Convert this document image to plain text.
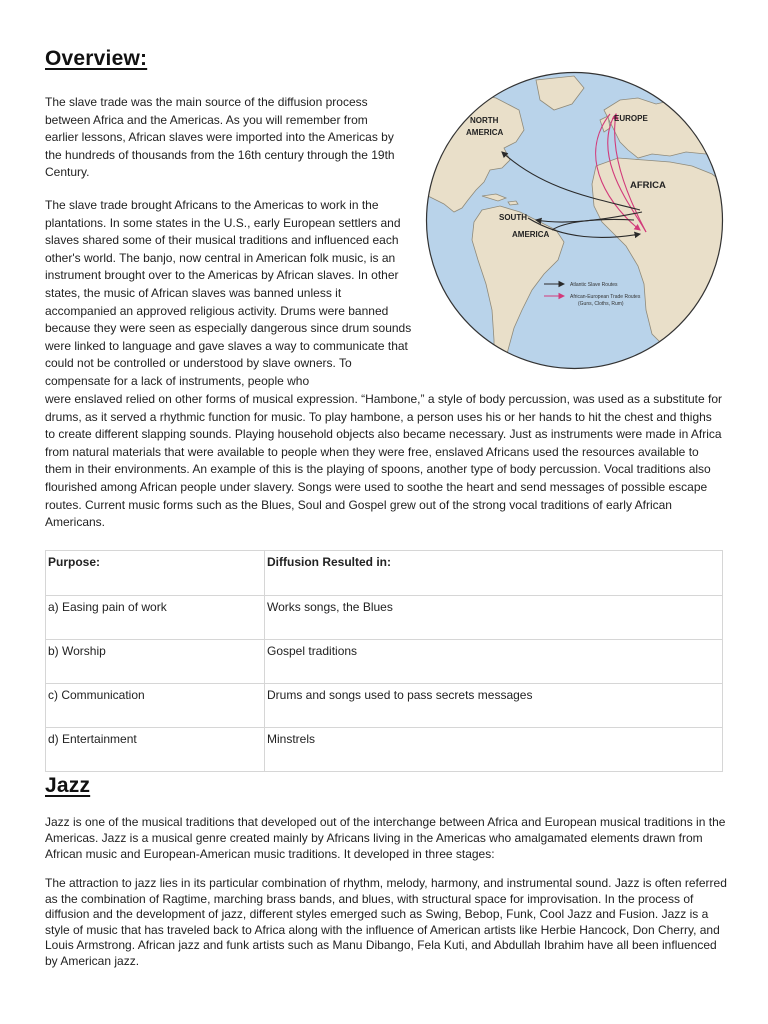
Overview:

The slave trade was the main source of the diffusion process between Africa and the Americas. As you will remember from earlier lessons, African slaves were imported into the Americas by the hundreds of thousands from the 16th century through the 19th Century.

The slave trade brought Africans to the Americas to work in the plantations. In some states in the U.S., early European settlers and slaves shared some of their musical traditions and influenced each other's world. The banjo, now central in American folk music, is an instrument brought over to the Americas by African slaves. In other states, the music of African slaves was banned unless it accompanied an approved religious activity. Drums were banned because they were seen as especially dangerous since drum sounds were linked to language and gave slaves a way to communicate that could not be controlled or understood by slave owners. To compensate for a lack of instruments, people who

were enslaved relied on other forms of musical expression. “Hambone,” a style of body percussion, was used as a substitute for drums, as it served a rhythmic function for music. To play hambone, a person uses his or her hands to hit the chest and thighs to create different slapping sounds. Playing household objects also became necessary. Just as instruments were made in Africa from natural materials that were available to people when they were free, enslaved Africans used the resources available to them in their environments. An example of this is the playing of spoons, another type of body percussion. Vocal traditions also flourished among African people under slavery. Songs were used to soothe the heart and send messages of possible escape routes. Current music forms such as the Blues, Soul and Gospel grew out of the strong vocal traditions of early African Americans.

NORTH
AMERICA
EUROPE
AFRICA
SOUTH
AMERICA
Atlantic Slave Routes
African-European Trade Routes
(Guns, Cloths, Rum)
Purpose:	Diffusion Resulted in:
a) Easing pain of work	Works songs, the Blues
b) Worship	Gospel traditions
c) Communication	Drums and songs used to pass secrets messages
d) Entertainment	Minstrels
Jazz

Jazz is one of the musical traditions that developed out of the interchange between Africa and European musical traditions in the Americas. Jazz is a musical genre created mainly by Africans living in the Americas who amalgamated elements drawn from African music and European-American music traditions. It developed in three stages:

The attraction to jazz lies in its particular combination of rhythm, melody, harmony, and instrumental sound. Jazz is often referred as the combination of Ragtime, marching brass bands, and blues, with structural space for improvisation. In the process of diffusion and the development of jazz, different styles emerged such as Swing, Bebop, Funk, Cool Jazz and Fusion. Jazz is a style of music that has traveled back to Africa along with the influence of American artists like Herbie Hancock, Don Cherry, and Louis Armstrong. African jazz and funk artists such as Manu Dibango, Fela Kuti, and Abdullah Ibrahim have all been influenced by American jazz.
